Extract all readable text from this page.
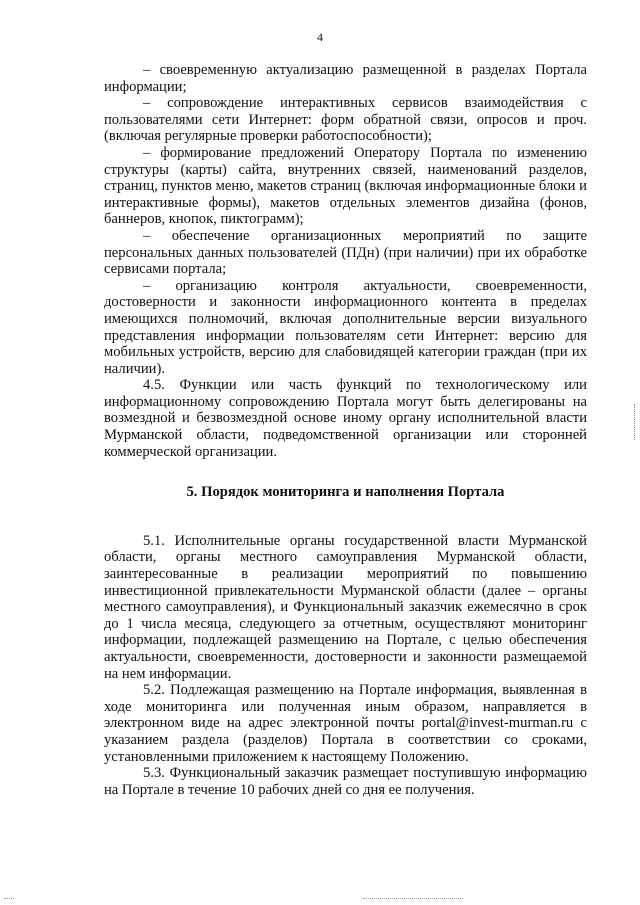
4

– своевременную актуализацию размещенной в разделах Портала информации;

– сопровождение интерактивных сервисов взаимодействия с пользователями сети Интернет: форм обратной связи, опросов и проч. (включая регулярные проверки работоспособности);

– формирование предложений Оператору Портала по изменению структуры (карты) сайта, внутренних связей, наименований разделов, страниц, пунктов меню, макетов страниц (включая информационные блоки и интерактивные формы), макетов отдельных элементов дизайна (фонов, баннеров, кнопок, пиктограмм);

– обеспечение организационных мероприятий по защите персональных данных пользователей (ПДн) (при наличии) при их обработке сервисами портала;

– организацию контроля актуальности, своевременности, достоверности и законности информационного контента в пределах имеющихся полномочий, включая дополнительные версии визуального представления информации пользователям сети Интернет: версию для мобильных устройств, версию для слабовидящей категории граждан (при их наличии).

4.5. Функции или часть функций по технологическому или информационному сопровождению Портала могут быть делегированы на возмездной и безвозмездной основе иному органу исполнительной власти Мурманской области, подведомственной организации или сторонней коммерческой организации.

5. Порядок мониторинга и наполнения Портала

5.1. Исполнительные органы государственной власти Мурманской области, органы местного самоуправления Мурманской области, заинтересованные в реализации мероприятий по повышению инвестиционной привлекательности Мурманской области (далее – органы местного самоуправления), и Функциональный заказчик ежемесячно в срок до 1 числа месяца, следующего за отчетным, осуществляют мониторинг информации, подлежащей размещению на Портале, с целью обеспечения актуальности, своевременности, достоверности и законности размещаемой на нем информации.

5.2. Подлежащая размещению на Портале информация, выявленная в ходе мониторинга или полученная иным образом, направляется в электронном виде на адрес электронной почты portal@invest-murman.ru с указанием раздела (разделов) Портала в соответствии со сроками, установленными приложением к настоящему Положению.

5.3. Функциональный заказчик размещает поступившую информацию на Портале в течение 10 рабочих дней со дня ее получения.
